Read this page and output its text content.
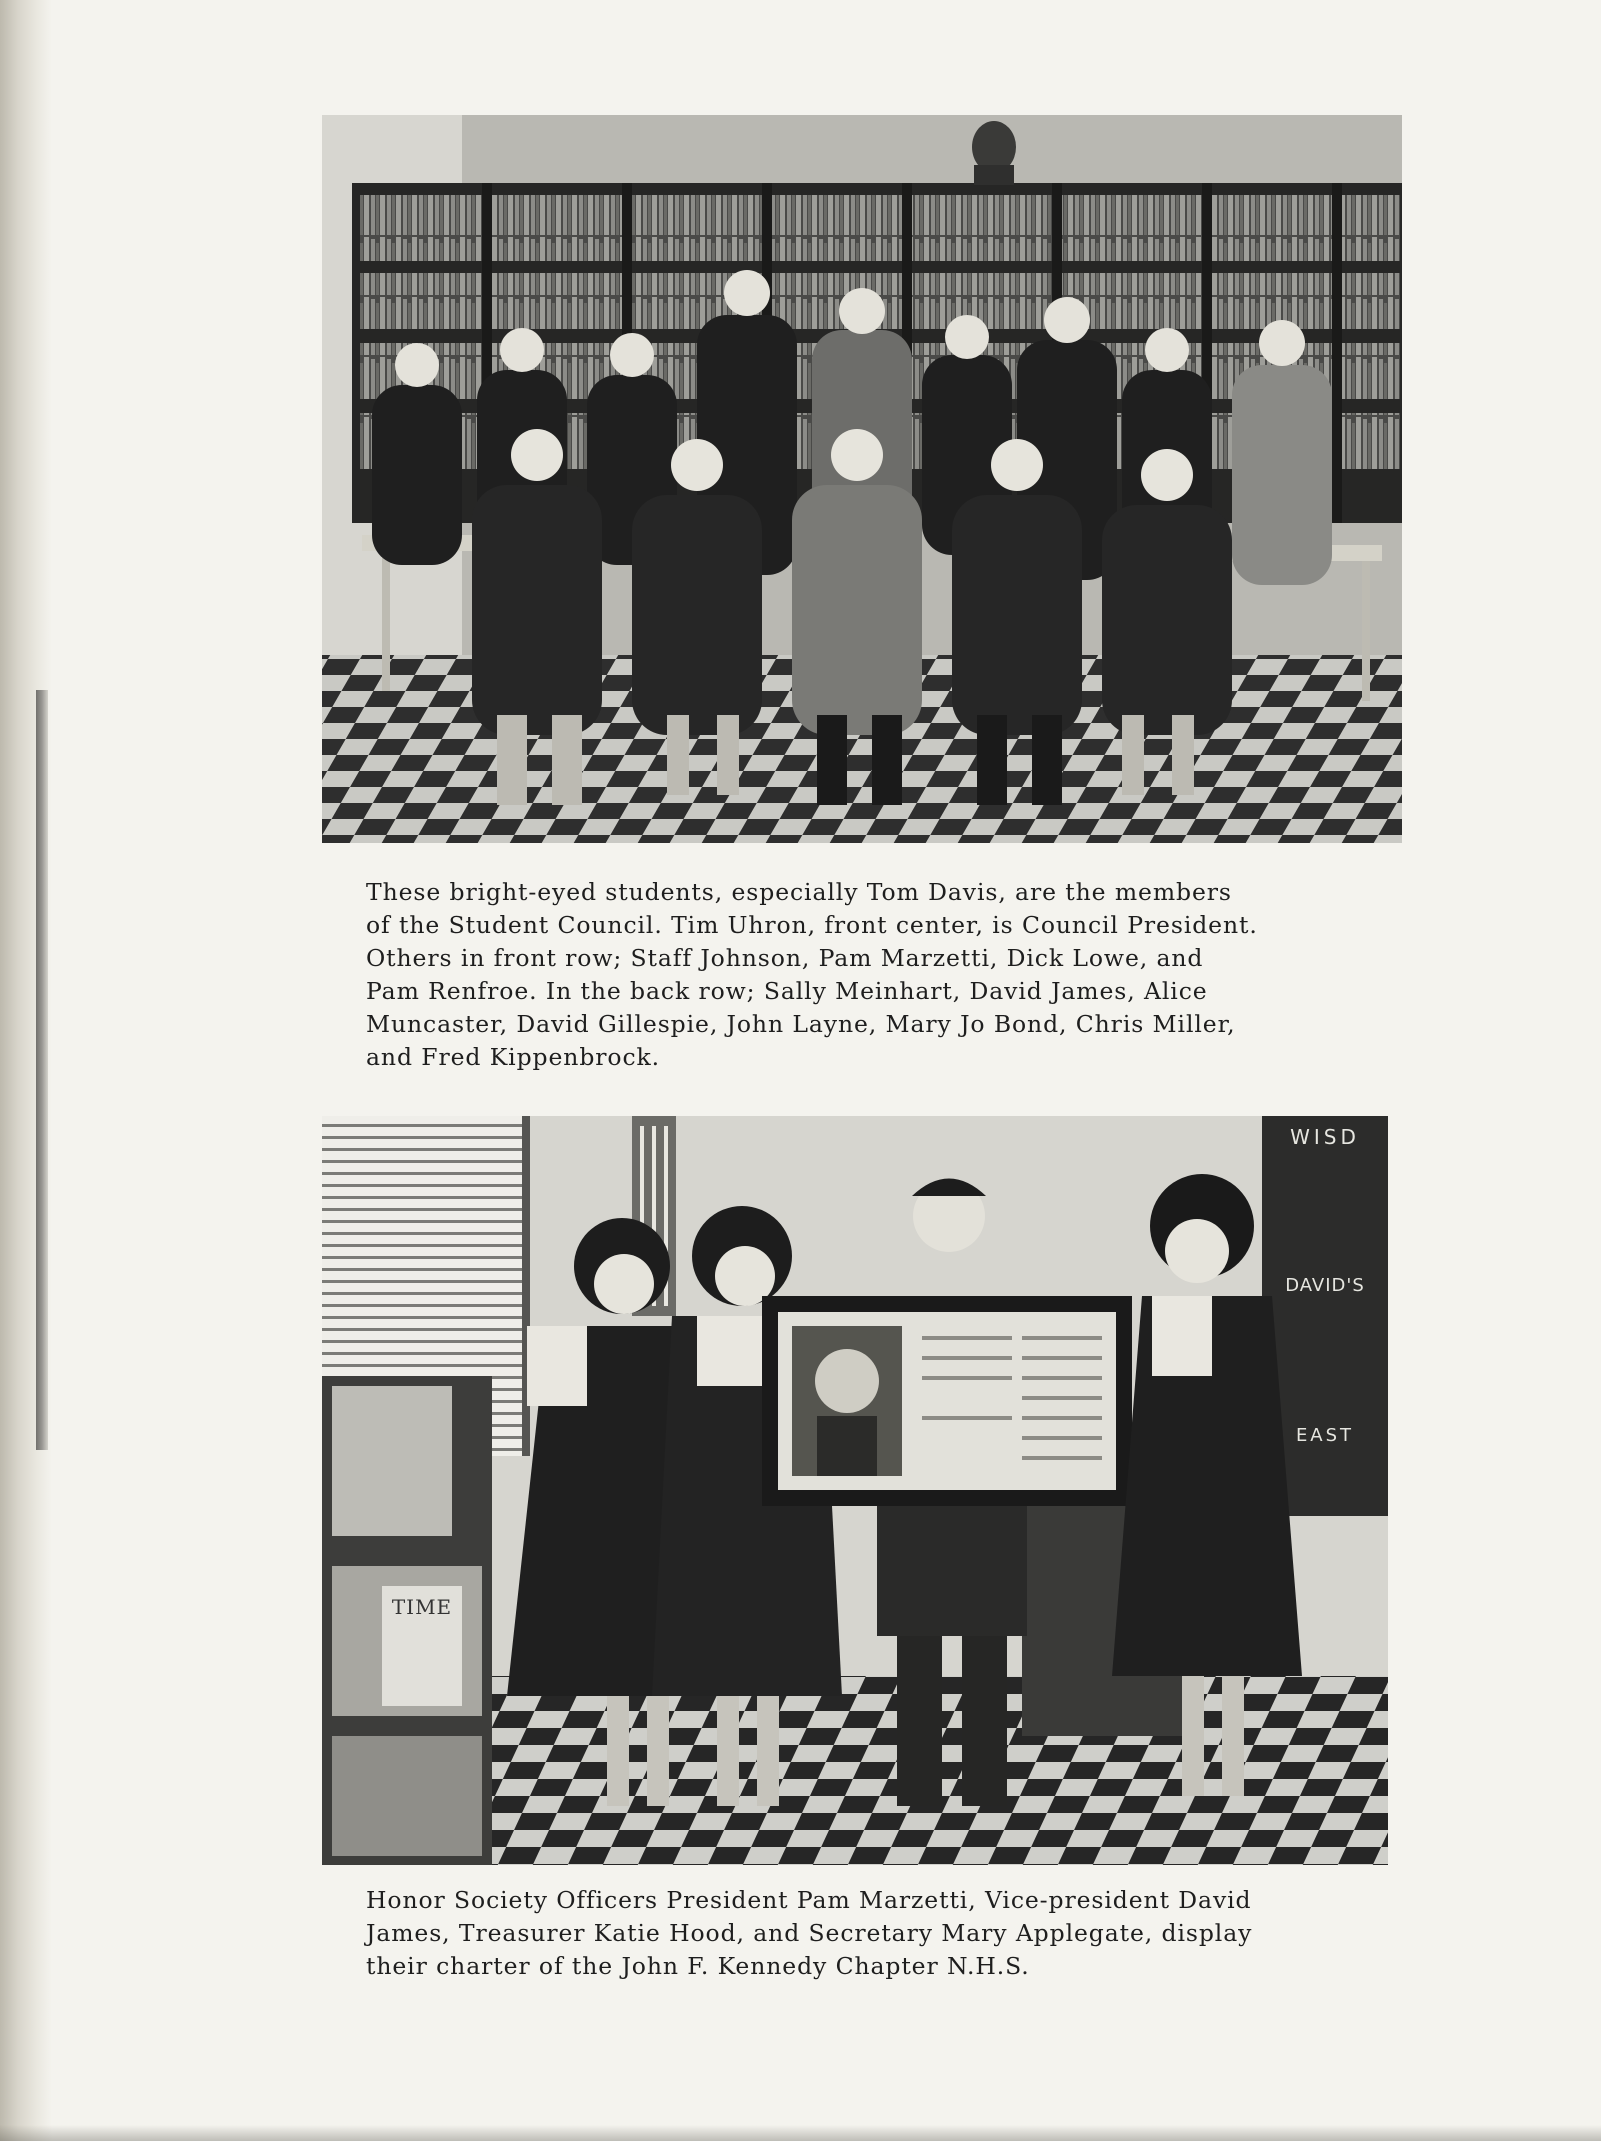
These bright-eyed students, especially Tom Davis, are the members
of the Student Council. Tim Uhron, front center, is Council President.
Others in front row; Staff Johnson, Pam Marzetti, Dick Lowe, and
Pam Renfroe. In the back row; Sally Meinhart, David James, Alice
Muncaster, David Gillespie, John Layne, Mary Jo Bond, Chris Miller,
and Fred Kippenbrock.

WISD
DAVID'S
EAST
TIME

Honor Society Officers President Pam Marzetti, Vice-president David
James, Treasurer Katie Hood, and Secretary Mary Applegate, display
their charter of the John F. Kennedy Chapter N.H.S.
